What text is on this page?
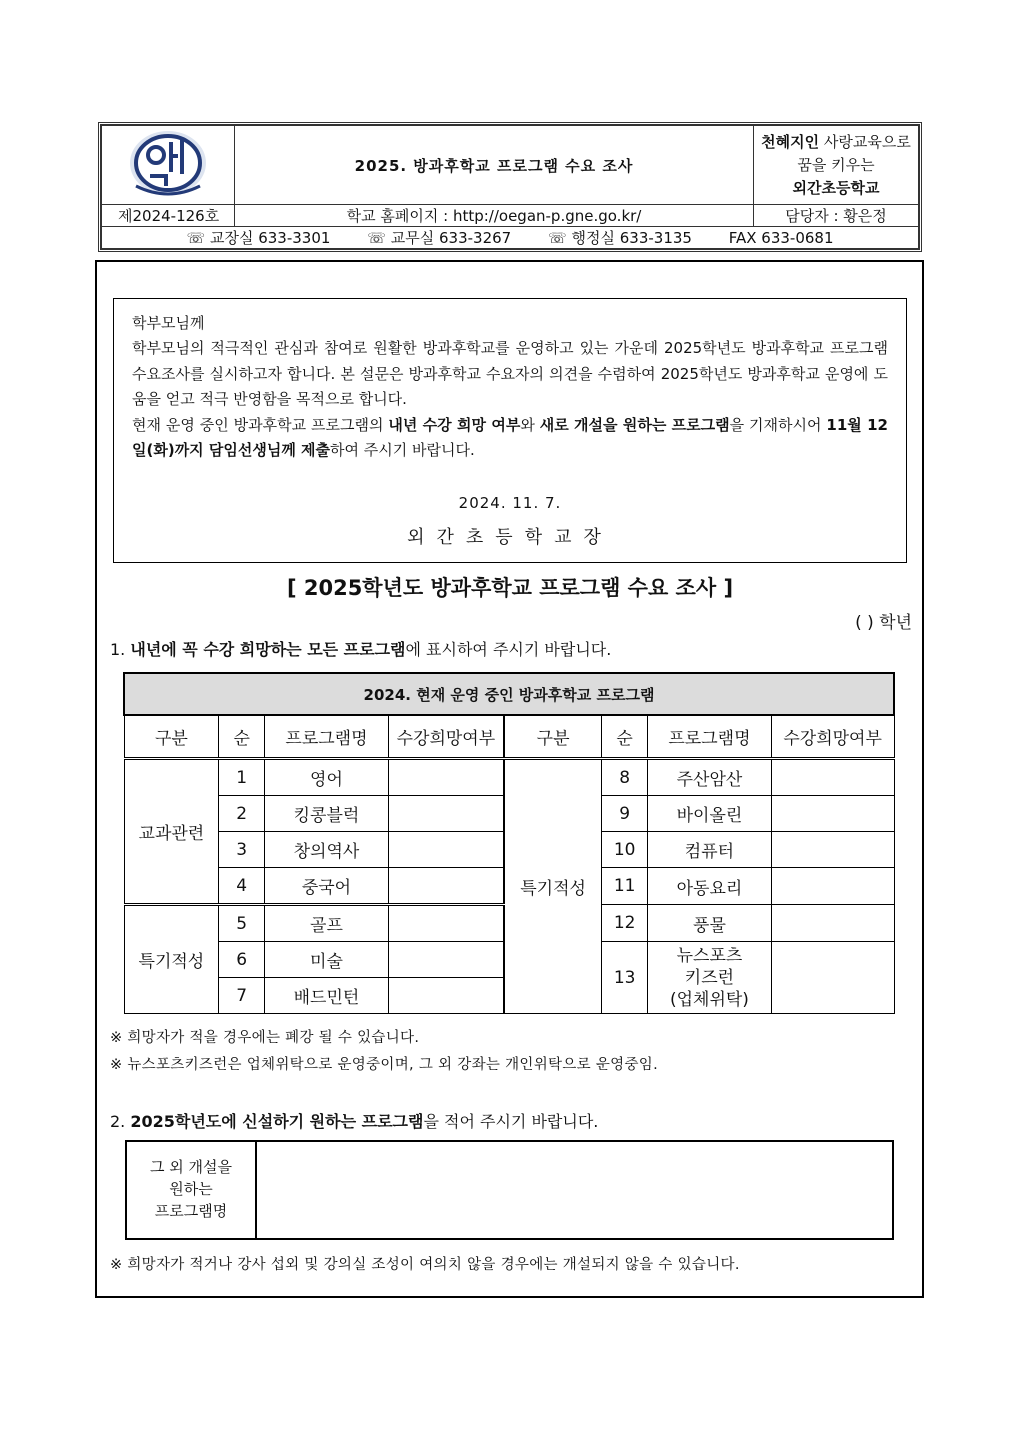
	2025. 방과후학교 프로그램 수요 조사	천혜지인 사랑교육으로
꿈을 키우는
외간초등학교
제2024-126호	학교 홈페이지 : http://oegan-p.gne.go.kr/	담당자 : 황은정
☏ 교장실 633-3301 ☏ 교무실 633-3267 ☏ 행정실 633-3135 FAX 633-0681		

학부모님께

학부모님의 적극적인 관심과 참여로 원활한 방과후학교를 운영하고 있는 가운데 2025학년도 방과후학교 프로그램 수요조사를 실시하고자 합니다. 본 설문은 방과후학교 수요자의 의견을 수렴하여 2025학년도 방과후학교 운영에 도움을 얻고 적극 반영함을 목적으로 합니다.

현재 운영 중인 방과후학교 프로그램의 내년 수강 희망 여부와 새로 개설을 원하는 프로그램을 기재하시어 11월 12일(화)까지 담임선생님께 제출하여 주시기 바랍니다.

2024. 11. 7.

외간초등학교장

[ 2025학년도 방과후학교 프로그램 수요 조사 ]
( ) 학년
1. 내년에 꼭 수강 희망하는 모든 프로그램에 표시하여 주시기 바랍니다.
2024. 현재 운영 중인 방과후학교 프로그램							
구분	순	프로그램명	수강희망여부	구분	순	프로그램명	수강희망여부
교과관련	1	영어		특기적성	8	주산암산	
	2	킹콩블럭			9	바이올린	
	3	창의역사			10	컴퓨터	
	4	중국어			11	아동요리	
특기적성	5	골프			12	풍물	
	6	미술			13	뉴스포츠
키즈런
(업체위탁)	
	7	배드민턴					
※ 희망자가 적을 경우에는 폐강 될 수 있습니다.
※ 뉴스포츠키즈런은 업체위탁으로 운영중이며, 그 외 강좌는 개인위탁으로 운영중임.
2. 2025학년도에 신설하기 원하는 프로그램을 적어 주시기 바랍니다.
그 외 개설을
원하는
프로그램명
※ 희망자가 적거나 강사 섭외 및 강의실 조성이 여의치 않을 경우에는 개설되지 않을 수 있습니다.
